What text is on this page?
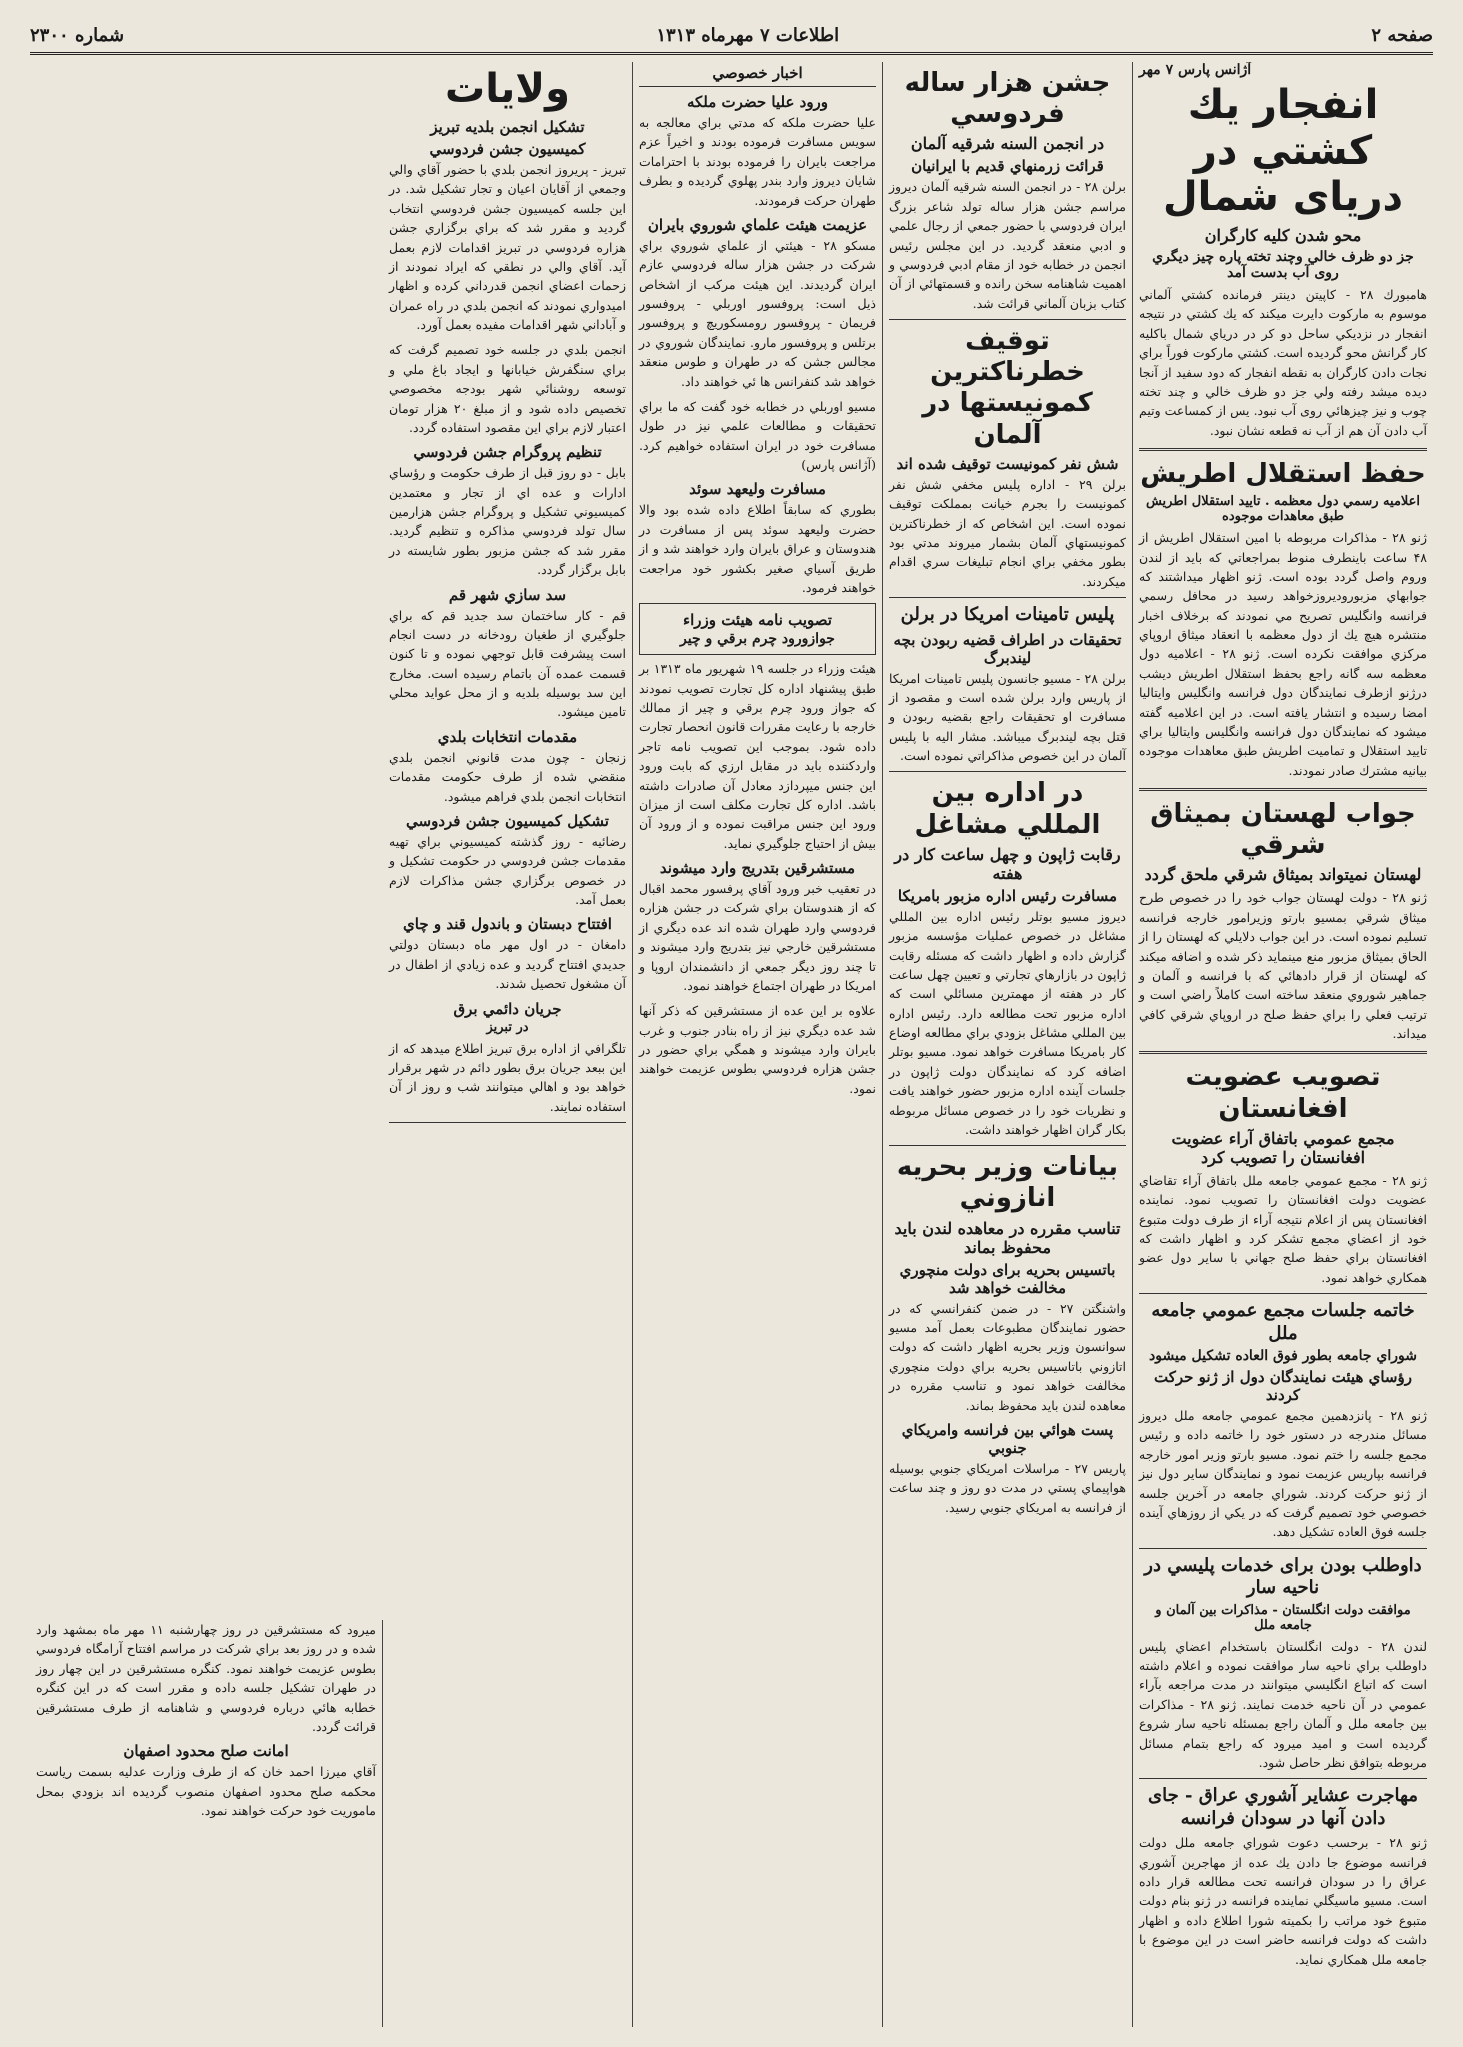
صفحه ۲
اطلاعات ۷ مهرماه ۱۳۱۳
شماره ۲۳۰۰
آژانس پارس ۷ مهر
انفجار يك كشتي در درياى شمال
محو شدن كليه كارگران
جز دو ظرف خالي وچند تخته پاره چيز ديگري روى آب بدست آمد

هامبورك ۲۸ - كاپيتن دينتر فرمانده كشتي آلماني موسوم به ماركوت دايرت ميكند كه يك كشتي در نتيجه انفجار در نزديكي ساحل دو كر در درياي شمال باكليه كار گرانش محو گرديده است. كشتي ماركوت فوراً براي نجات دادن كارگران به نقطه انفجار كه دود سفيد از آنجا ديده ميشد رفته ولي جز دو ظرف خالي و چند تخته چوب و نيز چيزهائي روى آب نبود. يس از كمساعت وتيم آب دادن آن هم از آب نه قطعه نشان نبود.

حفظ استقلال اطريش
اعلاميه رسمي دول معظمه . تاييد استقلال اطريش طبق معاهدات موجوده

ژنو ۲۸ - مذاكرات مربوطه با امين استقلال اطريش از ۴۸ ساعت باينطرف منوط بمراجعاتي كه بايد از لندن وروم واصل گردد بوده است. ژنو اظهار ميداشتند كه جوابهاي مزبوروديروزخواهد رسيد در محافل رسمي فرانسه وانگليس تصريح مي نمودند كه برخلاف اخبار منتشره هيچ يك از دول معظمه با انعقاد ميثاق اروپاي مركزي موافقت نكرده است. ژنو ۲۸ - اعلاميه دول معظمه سه گانه راجع بحفظ استقلال اطريش ديشب درژنو ازطرف نمايندگان دول فرانسه وانگليس وايتاليا امضا رسيده و انتشار يافته است. در اين اعلاميه گفته ميشود كه نمايندگان دول فرانسه وانگليس وايتاليا براي تاييد استقلال و تماميت اطريش طبق معاهدات موجوده بيانيه مشترك صادر نمودند.

جواب لهستان بميثاق شرقي
لهستان نميتواند بميثاق شرقي ملحق گردد

ژنو ۲۸ - دولت لهستان جواب خود را در خصوص طرح ميثاق شرقي بمسيو بارتو وزيرامور خارجه فرانسه تسليم نموده است. در اين جواب دلايلي كه لهستان را از الحاق بميثاق مزبور منع مينمايد ذكر شده و اضافه ميكند كه لهستان از قرار دادهائي كه با فرانسه و آلمان و جماهير شوروي منعقد ساخته است كاملاً راضي است و ترتيب فعلي را براي حفظ صلح در اروپاي شرقي كافي ميداند.

تصويب عضويت افغانستان
مجمع عمومي باتفاق آراء عضويت افغانستان را تصويب كرد

ژنو ۲۸ - مجمع عمومي جامعه ملل باتفاق آراء تقاضاي عضويت دولت افغانستان را تصويب نمود. نماينده افغانستان پس از اعلام نتيجه آراء از طرف دولت متبوع خود از اعضاي مجمع تشكر كرد و اظهار داشت كه افغانستان براي حفظ صلح جهاني با ساير دول عضو همكاري خواهد نمود.

خاتمه جلسات مجمع عمومي جامعه ملل
شوراي جامعه بطور فوق العاده تشكيل ميشود
رؤساي هيئت نمايندگان دول از ژنو حركت كردند

ژنو ۲۸ - پانزدهمين مجمع عمومي جامعه ملل ديروز مسائل مندرجه در دستور خود را خاتمه داده و رئيس مجمع جلسه را ختم نمود. مسيو بارتو وزير امور خارجه فرانسه بپاريس عزيمت نمود و نمايندگان ساير دول نيز از ژنو حركت كردند. شوراي جامعه در آخرين جلسه خصوصي خود تصميم گرفت كه در يكي از روزهاي آينده جلسه فوق العاده تشكيل دهد.

داوطلب بودن براى خدمات پليسي در ناحيه سار
موافقت دولت انگلستان - مذاكرات بين آلمان و جامعه ملل

لندن ۲۸ - دولت انگلستان باستخدام اعضاي پليس داوطلب براي ناحيه سار موافقت نموده و اعلام داشته است كه اتباع انگليسي ميتوانند در مدت مراجعه بآراء عمومي در آن ناحيه خدمت نمايند. ژنو ۲۸ - مذاكرات بين جامعه ملل و آلمان راجع بمسئله ناحيه سار شروع گرديده است و اميد ميرود كه راجع بتمام مسائل مربوطه بتوافق نظر حاصل شود.

مهاجرت عشاير آشوري عراق - جاى دادن آنها در سودان فرانسه

ژنو ۲۸ - برحسب دعوت شوراي جامعه ملل دولت فرانسه موضوع جا دادن يك عده از مهاجرين آشوري عراق را در سودان فرانسه تحت مطالعه قرار داده است. مسيو ماسيگلي نماينده فرانسه در ژنو بنام دولت متبوع خود مراتب را بكميته شورا اطلاع داده و اظهار داشت كه دولت فرانسه حاضر است در اين موضوع با جامعه ملل همكاري نمايد.

جشن هزار ساله فردوسي
در انجمن السنه شرقيه آلمان
قرائت زرمنهاي قديم با ايرانيان

برلن ۲۸ - در انجمن السنه شرقيه آلمان ديروز مراسم جشن هزار ساله تولد شاعر بزرگ ايران فردوسي با حضور جمعي از رجال علمي و ادبي منعقد گرديد. در اين مجلس رئيس انجمن در خطابه خود از مقام ادبي فردوسي و اهميت شاهنامه سخن رانده و قسمتهائي از آن كتاب بزبان آلماني قرائت شد.

توقيف خطرناكترين كمونيستها در آلمان
شش نفر كمونيست توقيف شده اند

برلن ۲۹ - اداره پليس مخفي شش نفر كمونيست را بجرم خيانت بمملكت توقيف نموده است. اين اشخاص كه از خطرناكترين كمونيستهاي آلمان بشمار ميروند مدتي بود بطور مخفي براي انجام تبليغات سري اقدام ميكردند.

پليس تامينات امريكا در برلن
تحقيقات در اطراف قضيه ربودن بچه ليندبرگ

برلن ۲۸ - مسيو جانسون پليس تامينات امريكا از پاريس وارد برلن شده است و مقصود از مسافرت او تحقيقات راجع بقضيه ربودن و قتل بچه ليندبرگ ميباشد. مشار اليه با پليس آلمان در اين خصوص مذاكراتي نموده است.

در اداره بين المللي مشاغل
رقابت ژاپون و چهل ساعت كار در هفته
مسافرت رئيس اداره مزبور بامريكا

ديروز مسيو بوتلر رئيس اداره بين المللي مشاغل در خصوص عمليات مؤسسه مزبور گزارش داده و اظهار داشت كه مسئله رقابت ژاپون در بازارهاي تجارتي و تعيين چهل ساعت كار در هفته از مهمترين مسائلي است كه اداره مزبور تحت مطالعه دارد. رئيس اداره بين المللي مشاغل بزودي براي مطالعه اوضاع كار بامريكا مسافرت خواهد نمود. مسيو بوتلر اضافه كرد كه نمايندگان دولت ژاپون در جلسات آينده اداره مزبور حضور خواهند يافت و نظريات خود را در خصوص مسائل مربوطه بكار گران اظهار خواهند داشت.

بيانات وزير بحريه انازوني
تناسب مقرره در معاهده لندن بايد محفوظ بماند
باتسيس بحريه براى دولت منچوري مخالفت خواهد شد

واشنگتن ۲۷ - در ضمن كنفرانسي كه در حضور نمايندگان مطبوعات بعمل آمد مسيو سوانسون وزير بحريه اظهار داشت كه دولت اتازوني باتاسيس بحريه براي دولت منچوري مخالفت خواهد نمود و تناسب مقرره در معاهده لندن بايد محفوظ بماند.

پست هوائي بين فرانسه وامريكاي جنوبي

پاريس ۲۷ - مراسلات امريكاي جنوبي بوسيله هواپيماي پستي در مدت دو روز و چند ساعت از فرانسه به امريكاي جنوبي رسيد.

اخبار خصوصي
ورود عليا حضرت ملكه

عليا حضرت ملكه كه مدتي براي معالجه به سويس مسافرت فرموده بودند و اخيراً عزم مراجعت بايران را فرموده بودند با احترامات شايان ديروز وارد بندر پهلوي گرديده و بطرف طهران حركت فرمودند.

عزيمت هيئت علماي شوروي بايران

مسكو ۲۸ - هيئتي از علماي شوروي براي شركت در جشن هزار ساله فردوسي عازم ايران گرديدند. اين هيئت مركب از اشخاص ذيل است: پروفسور اوربلي - پروفسور فريمان - پروفسور رومسكوريچ و پروفسور برتلس و پروفسور مارو. نمايندگان شوروي در مجالس جشن كه در طهران و طوس منعقد خواهد شد كنفرانس ها ئي خواهند داد.

مسيو اوربلي در خطابه خود گفت كه ما براي تحقيقات و مطالعات علمي نيز در طول مسافرت خود در ايران استفاده خواهيم كرد. (آژانس پارس)

مسافرت وليعهد سوئد

بطوري كه سابقاً اطلاع داده شده بود والا حضرت وليعهد سوئد پس از مسافرت در هندوستان و عراق بايران وارد خواهند شد و از طريق آسياي صغير بكشور خود مراجعت خواهند فرمود.

تصويب نامه هيئت وزراء
جوازورود چرم برقي و چير

هيئت وزراء در جلسه ۱۹ شهريور ماه ۱۳۱۳ بر طبق پيشنهاد اداره كل تجارت تصويب نمودند كه جواز ورود چرم برقي و چير از ممالك خارجه با رعايت مقررات قانون انحصار تجارت داده شود. بموجب اين تصويب نامه تاجر واردكننده بايد در مقابل ارزي كه بابت ورود اين جنس ميپردازد معادل آن صادرات داشته باشد. اداره كل تجارت مكلف است از ميزان ورود اين جنس مراقبت نموده و از ورود آن بيش از احتياج جلوگيري نمايد.

مستشرقين بتدريج وارد ميشوند

در تعقيب خبر ورود آقاي پرفسور محمد اقبال كه از هندوستان براي شركت در جشن هزاره فردوسي وارد طهران شده اند عده ديگري از مستشرقين خارجي نيز بتدريج وارد ميشوند و تا چند روز ديگر جمعي از دانشمندان اروپا و امريكا در طهران اجتماع خواهند نمود.

علاوه بر اين عده از مستشرقين كه ذكر آنها شد عده ديگري نيز از راه بنادر جنوب و غرب بايران وارد ميشوند و همگي براي حضور در جشن هزاره فردوسي بطوس عزيمت خواهند نمود.

ولايات
تشكيل انجمن بلديه تبريز
كميسيون جشن فردوسي

تبريز - پريروز انجمن بلدي با حضور آقاي والي وجمعي از آقايان اعيان و تجار تشكيل شد. در اين جلسه كميسيون جشن فردوسي انتخاب گرديد و مقرر شد كه براي برگزاري جشن هزاره فردوسي در تبريز اقدامات لازم بعمل آيد. آقاي والي در نطقي كه ايراد نمودند از زحمات اعضاي انجمن قدرداني كرده و اظهار اميدواري نمودند كه انجمن بلدي در راه عمران و آباداني شهر اقدامات مفيده بعمل آورد.

انجمن بلدي در جلسه خود تصميم گرفت كه براي سنگفرش خيابانها و ايجاد باغ ملي و توسعه روشنائي شهر بودجه مخصوصي تخصيص داده شود و از مبلغ ۲۰ هزار تومان اعتبار لازم براي اين مقصود استفاده گردد.

تنظيم پروگرام جشن فردوسي

بابل - دو روز قبل از طرف حكومت و رؤساي ادارات و عده اي از تجار و معتمدين كميسيوني تشكيل و پروگرام جشن هزارمين سال تولد فردوسي مذاكره و تنظيم گرديد. مقرر شد كه جشن مزبور بطور شايسته در بابل برگزار گردد.

سد سازي شهر قم

قم - كار ساختمان سد جديد قم كه براي جلوگيري از طغيان رودخانه در دست انجام است پيشرفت قابل توجهي نموده و تا كنون قسمت عمده آن باتمام رسيده است. مخارج اين سد بوسيله بلديه و از محل عوايد محلي تامين ميشود.

مقدمات انتخابات بلدي

زنجان - چون مدت قانوني انجمن بلدي منقضي شده از طرف حكومت مقدمات انتخابات انجمن بلدي فراهم ميشود.

تشكيل كميسيون جشن فردوسي

رضائيه - روز گذشته كميسيوني براي تهيه مقدمات جشن فردوسي در حكومت تشكيل و در خصوص برگزاري جشن مذاكرات لازم بعمل آمد.

افتتاح دبستان و باندول قند و چاي

دامغان - در اول مهر ماه دبستان دولتي جديدي افتتاح گرديد و عده زيادي از اطفال در آن مشغول تحصيل شدند.

جريان دائمي برق
در تبريز

تلگرافي از اداره برق تبريز اطلاع ميدهد كه از اين ببعد جريان برق بطور دائم در شهر برقرار خواهد بود و اهالي ميتوانند شب و روز از آن استفاده نمايند.

ميرود كه مستشرقين در روز چهارشنبه ۱۱ مهر ماه بمشهد وارد شده و در روز بعد براي شركت در مراسم افتتاح آرامگاه فردوسي بطوس عزيمت خواهند نمود. كنگره مستشرقين در اين چهار روز در طهران تشكيل جلسه داده و مقرر است كه در اين كنگره خطابه هائي درباره فردوسي و شاهنامه از طرف مستشرقين قرائت گردد.

امانت صلح محدود اصفهان

آقاي ميرزا احمد خان كه از طرف وزارت عدليه بسمت رياست محكمه صلح محدود اصفهان منصوب گرديده اند بزودي بمحل ماموريت خود حركت خواهند نمود.
